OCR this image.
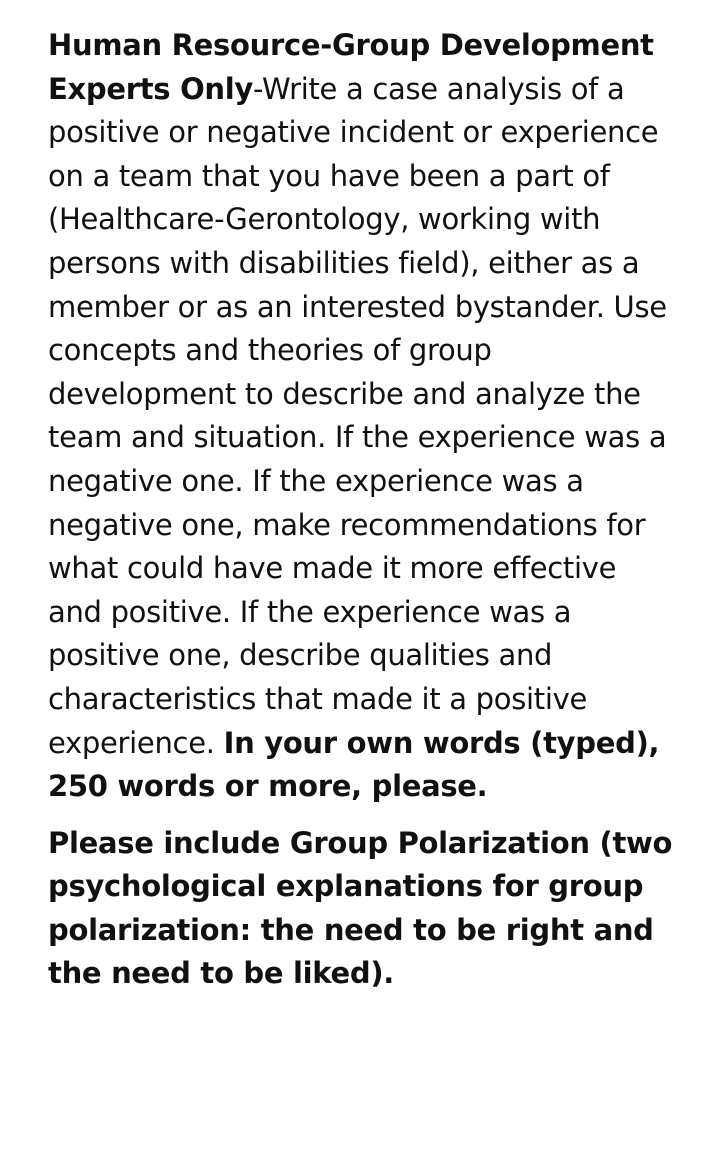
Human Resource-Group Development Experts Only-Write a case analysis of a positive or negative incident or experience on a team that you have been a part of (Healthcare-Gerontology, working with persons with disabilities field), either as a member or as an interested bystander. Use concepts and theories of group development to describe and analyze the team and situation. If the experience was a negative one. If the experience was a negative one, make recommendations for what could have made it more effective and positive. If the experience was a positive one, describe qualities and characteristics that made it a positive experience. In your own words (typed), 250 words or more, please.

Please include Group Polarization (two psychological explanations for group polarization: the need to be right and the need to be liked).
